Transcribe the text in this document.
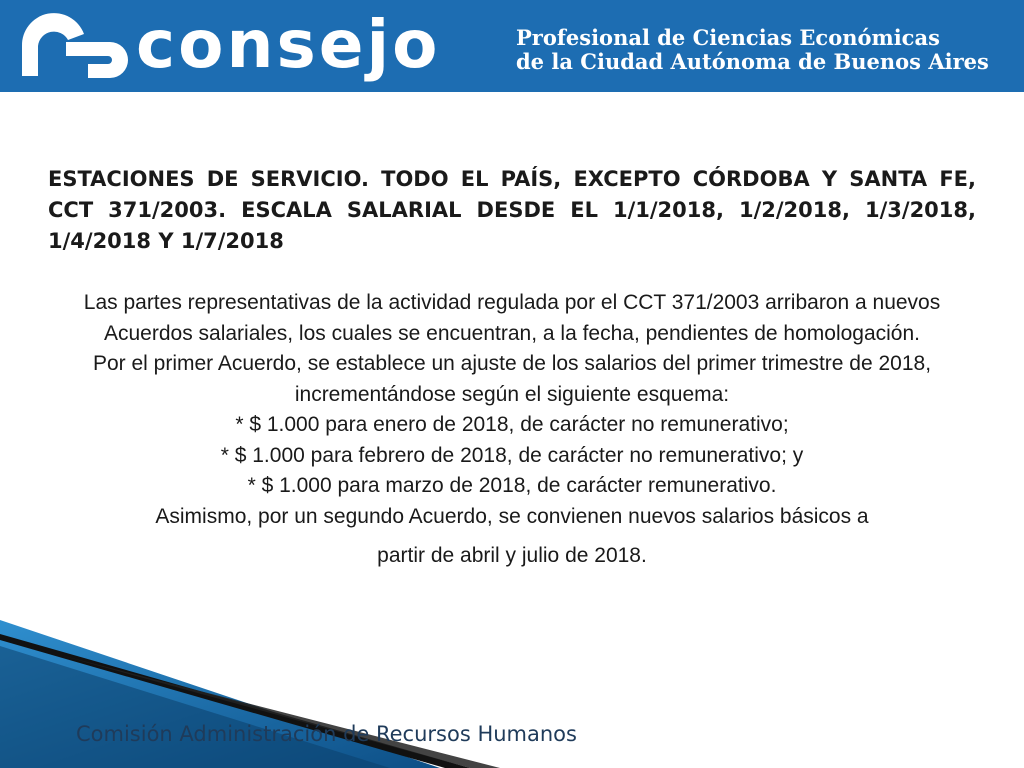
consejo	Profesional de Ciencias Económicas
de la Ciudad Autónoma de Buenos Aires
ESTACIONES DE SERVICIO. TODO EL PAÍS, EXCEPTO CÓRDOBA Y SANTA FE, CCT 371/2003. ESCALA SALARIAL DESDE EL 1/1/2018, 1/2/2018, 1/3/2018, 1/4/2018 Y 1/7/2018

Las partes representativas de la actividad regulada por el CCT 371/2003 arribaron a nuevos Acuerdos salariales, los cuales se encuentran, a la fecha, pendientes de homologación.

Por el primer Acuerdo, se establece un ajuste de los salarios del primer trimestre de 2018, incrementándose según el siguiente esquema:

* $ 1.000 para enero de 2018, de carácter no remunerativo;

* $ 1.000 para febrero de 2018, de carácter no remunerativo; y

* $ 1.000 para marzo de 2018, de carácter remunerativo.

Asimismo, por un segundo Acuerdo, se convienen nuevos salarios básicos a

partir de abril y julio de 2018.

Comisión Administración de Recursos Humanos
